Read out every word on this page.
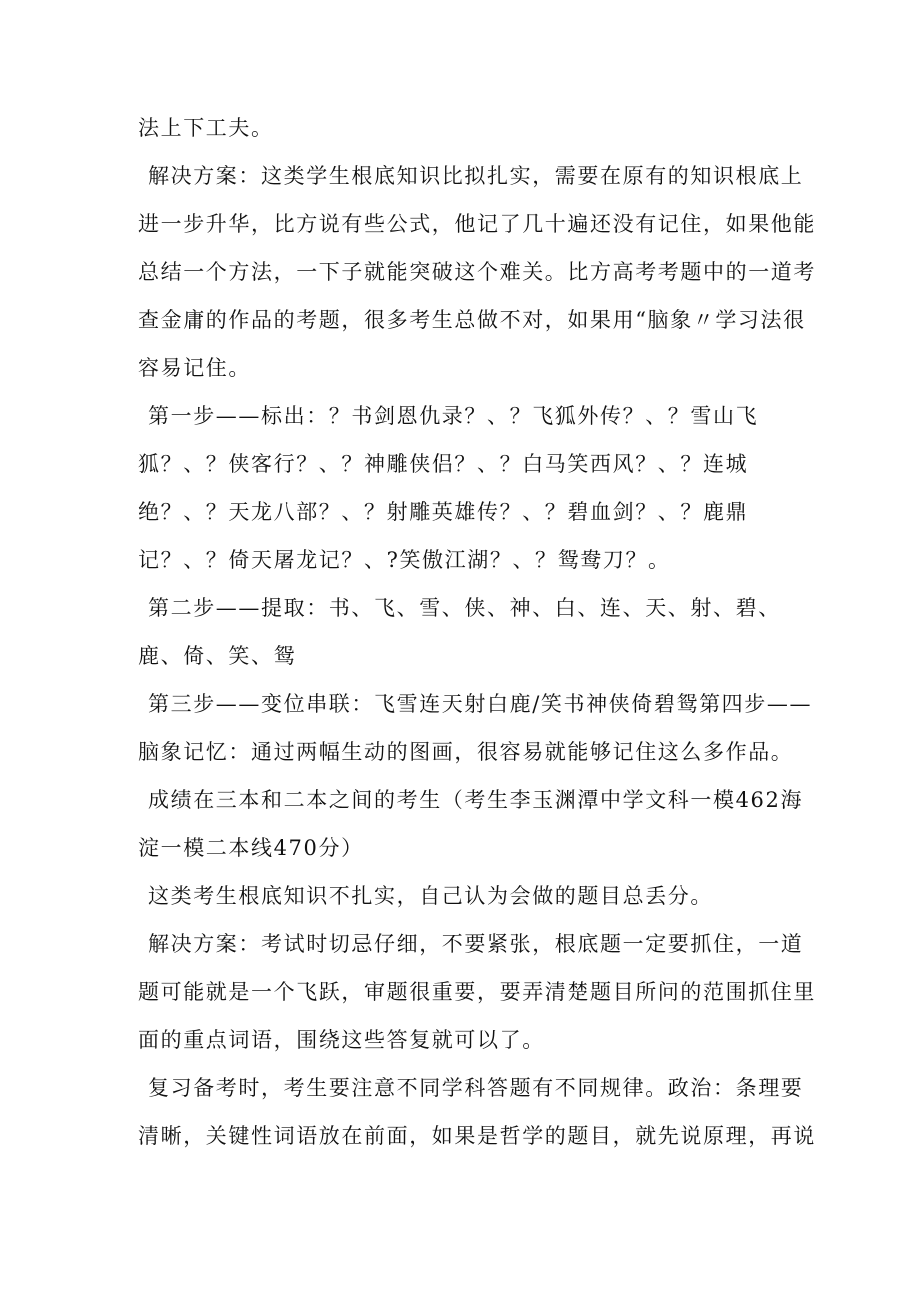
法上下工夫。
解决方案：这类学生根底知识比拟扎实，需要在原有的知识根底上
进一步升华，比方说有些公式，他记了几十遍还没有记住，如果他能
总结一个方法，一下子就能突破这个难关。比方高考考题中的一道考
查金庸的作品的考题，很多考生总做不对，如果用“脑象〃学习法很
容易记住。
第一步——标出：？书剑恩仇录？、？飞狐外传？、？雪山飞
狐？、？侠客行？、？神雕侠侣？、？白马笑西风？、？连城
绝？、？天龙八部？、？射雕英雄传？、？碧血剑？、？鹿鼎
记？、？倚天屠龙记？、?笑傲江湖？、？鸳鸯刀？。
第二步——提取：书、飞、雪、侠、神、白、连、天、射、碧、
鹿、倚、笑、鸳
第三步——变位串联：飞雪连天射白鹿/笑书神侠倚碧鸳第四步——
脑象记忆：通过两幅生动的图画，很容易就能够记住这么多作品。
成绩在三本和二本之间的考生（考生李玉渊潭中学文科一模462海
淀一模二本线470分）
这类考生根底知识不扎实，自己认为会做的题目总丢分。
解决方案：考试时切忌仔细，不要紧张，根底题一定要抓住，一道
题可能就是一个飞跃，审题很重要，要弄清楚题目所问的范围抓住里
面的重点词语，围绕这些答复就可以了。
复习备考时，考生要注意不同学科答题有不同规律。政治：条理要
清晰，关键性词语放在前面，如果是哲学的题目，就先说原理，再说
